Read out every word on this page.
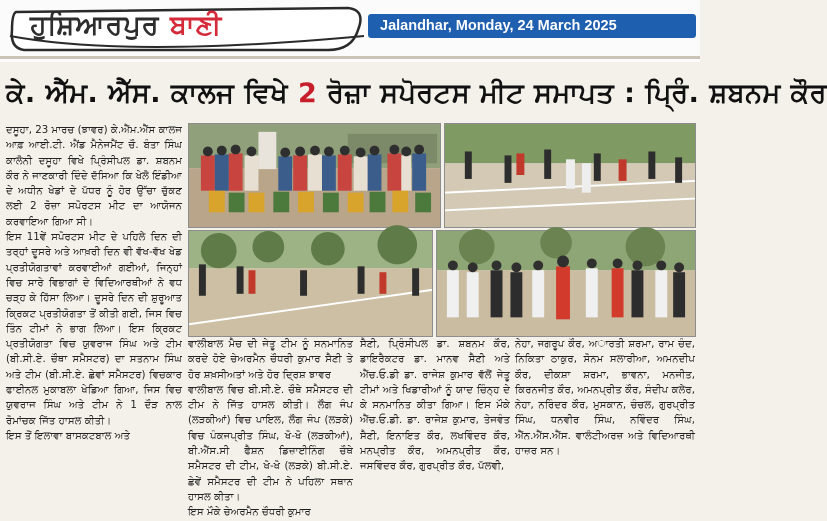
ਹੁਸ਼ਿਆਰਪੁਰ ਬਾਣੀ	Jalandhar, Monday, 24 March 2025
ਕੇ. ਐੱਮ. ਐੱਸ. ਕਾਲਜ ਵਿਖੇ 2 ਰੋਜ਼ਾ ਸਪੋਰਟਸ ਮੀਟ ਸਮਾਪਤ : ਪ੍ਰਿੰ. ਸ਼ਬਨਮ ਕੌਰ

ਦਸੂਹਾ, 23 ਮਾਰਚ (ਝਾਵਰ) ਕੇ.ਐੱਮ.ਐੱਸ ਕਾਲਜ ਆਫ਼ ਆਈ.ਟੀ. ਐਂਡ ਮੈਨੇਜਮੈਂਟ ਚੌ. ਬੰਤਾ ਸਿੰਘ ਕਾਲੋਨੀ ਦਸੂਹਾ ਵਿਖੇ ਪ੍ਰਿੰਸੀਪਲ ਡਾ. ਸ਼ਬਨਮ ਕੌਰ ਨੇ ਜਾਣਕਾਰੀ ਦਿੰਦੇ ਦੱਸਿਆ ਕਿ ਖੇਲੋ ਇੰਡੀਆ ਦੇ ਅਧੀਨ ਖੇਡਾਂ ਦੇ ਪੱਧਰ ਨੂੰ ਹੋਰ ਉੱਚਾ ਚੁੱਕਣ ਲਈ 2 ਰੋਜ਼ਾ ਸਪੋਰਟਸ ਮੀਟ ਦਾ ਆਯੋਜਨ ਕਰਵਾਇਆ ਗਿਆ ਸੀ।

ਇਸ 11ਵੇਂ ਸਪੋਰਟਸ ਮੀਟ ਦੇ ਪਹਿਲੇ ਦਿਨ ਦੀ ਤਰ੍ਹਾਂ ਦੂਸਰੇ ਅਤੇ ਆਖ਼ਰੀ ਦਿਨ ਵੀ ਵੱਖ-ਵੱਖ ਖੇਡ ਪ੍ਰਤੀਯੋਗਤਾਵਾਂ ਕਰਵਾਈਆਂ ਗਈਆਂ, ਜਿਨ੍ਹਾਂ ਵਿਚ ਸਾਰੇ ਵਿਭਾਗਾਂ ਦੇ ਵਿਦਿਆਰਥੀਆਂ ਨੇ ਵਧ ਚੜ੍ਹ ਕੇ ਹਿੱਸਾ ਲਿਆ। ਦੂਸਰੇ ਦਿਨ ਦੀ ਸ਼ੁਰੂਆਤ ਕ੍ਰਿਕਟ ਪ੍ਰਤੀਯੋਗਤਾ ਤੋਂ ਕੀਤੀ ਗਈ, ਜਿਸ ਵਿਚ ਤਿੰਨ ਟੀਮਾਂ ਨੇ ਭਾਗ ਲਿਆ। ਇਸ ਕ੍ਰਿਕਟ ਪ੍ਰਤੀਯੋਗਤਾ ਵਿਚ ਯੁਵਰਾਜ ਸਿੰਘ ਅਤੇ ਟੀਮ (ਬੀ.ਸੀ.ਏ. ਚੌਥਾ ਸਮੈਸਟਰ) ਦਾ ਸਤਨਾਮ ਸਿੰਘ ਅਤੇ ਟੀਮ (ਬੀ.ਸੀ.ਏ. ਛੇਵਾਂ ਸਮੈਸਟਰ) ਵਿਚਕਾਰ ਫਾਈਨਲ ਮੁਕਾਬਲਾ ਖੇਡਿਆ ਗਿਆ, ਜਿਸ ਵਿਚ ਯੁਵਰਾਜ ਸਿੰਘ ਅਤੇ ਟੀਮ ਨੇ 1 ਦੌੜ ਨਾਲ ਰੋਮਾਂਚਕ ਜਿੱਤ ਹਾਸਲ ਕੀਤੀ।

ਇਸ ਤੋਂ ਇਲਾਵਾ ਬਾਸਕਟਬਾਲ ਅਤੇ

ਵਾਲੀਬਾਲ ਮੈਚ ਦੀ ਜੇਤੂ ਟੀਮ ਨੂੰ ਸਨਮਾਨਿਤ ਕਰਦੇ ਹੋਏ ਚੇਅਰਮੈਨ ਚੌਧਰੀ ਕੁਮਾਰ ਸੈਣੀ ਤੇ ਹੋਰ ਸ਼ਖ਼ਸੀਅਤਾਂ ਅਤੇ ਹੋਰ ਦ੍ਰਿਸ਼ ਝਾਵਰ

ਵਾਲੀਬਾਲ ਵਿਚ ਬੀ.ਸੀ.ਏ. ਚੌਥੇ ਸਮੈਸਟਰ ਦੀ ਟੀਮ ਨੇ ਜਿੱਤ ਹਾਸਲ ਕੀਤੀ। ਲੌਗ ਜੰਪ (ਲੜਕੀਆਂ) ਵਿਚ ਪਾਇਲ, ਲੌਗ ਜੰਪ (ਲੜਕੇ) ਵਿਚ ਪੰਕਜਪ੍ਰੀਤ ਸਿੰਘ, ਖੋ-ਖੋ (ਲੜਕੀਆਂ), ਬੀ.ਐੱਸ.ਸੀ ਫੈਸ਼ਨ ਡਿਜ਼ਾਈਨਿੰਗ ਚੌਥੇ ਸਮੈਸਟਰ ਦੀ ਟੀਮ, ਖੋ-ਖੋ (ਲੜਕੇ) ਬੀ.ਸੀ.ਏ. ਛੇਵੇਂ ਸਮੈਸਟਰ ਦੀ ਟੀਮ ਨੇ ਪਹਿਲਾ ਸਥਾਨ ਹਾਸਲ ਕੀਤਾ।

ਇਸ ਮੌਕੇ ਚੇਅਰਮੈਨ ਚੌਧਰੀ ਕੁਮਾਰ

ਸੈਣੀ, ਪ੍ਰਿੰਸੀਪਲ ਡਾ. ਸ਼ਬਨਮ ਕੌਰ, ਡਾਇਰੈਕਟਰ ਡਾ. ਮਾਨਵ ਸੈਣੀ ਅਤੇ ਐੱਚ.ਓ.ਡੀ ਡਾ. ਰਾਜੇਸ਼ ਕੁਮਾਰ ਵੱਲੋਂ ਜੇਤੂ ਟੀਮਾਂ ਅਤੇ ਖਿਡਾਰੀਆਂ ਨੂੰ ਯਾਦ ਚਿੰਨ੍ਹ ਦੇ ਕੇ ਸਨਮਾਨਿਤ ਕੀਤਾ ਗਿਆ। ਇਸ ਮੌਕੇ ਐੱਚ.ਓ.ਡੀ. ਡਾ. ਰਾਜੇਸ਼ ਕੁਮਾਰ, ਤੇਜਵੰਤ ਸੈਣੀ, ਇਨਾਇਤ ਕੌਰ, ਲਖਵਿੰਦਰ ਕੌਰ, ਮਨਪ੍ਰੀਤ ਕੌਰ, ਅਮਨਪ੍ਰੀਤ ਕੌਰ, ਜਸਵਿੰਦਰ ਕੌਰ, ਗੁਰਪ੍ਰੀਤ ਕੌਰ, ਪੱਲਵੀ,

ਨੇਹਾ, ਜਗਰੂਪ ਕੌਰ, ਅਾਰਤੀ ਸ਼ਰਮਾ, ਰਾਮ ਚੰਦ, ਨਿਕਿਤਾ ਠਾਕੁਰ, ਸੋਨਮ ਸਲਾਰੀਆ, ਅਮਨਦੀਪ ਕੌਰ, ਦੀਕਸ਼ਾ ਸ਼ਰਮਾ, ਭਾਵਨਾ, ਮਨਜੀਤ, ਕਿਰਨਜੀਤ ਕੌਰ, ਅਮਨਪ੍ਰੀਤ ਕੌਰ, ਸੰਦੀਪ ਕਲੇਰ, ਨੇਹਾ, ਨਰਿੰਦਰ ਕੌਰ, ਮੁਸਕਾਨ, ਚੰਚਲ, ਗੁਰਪ੍ਰੀਤ ਸਿੰਘ, ਧਨਵੀਰ ਸਿੰਘ, ਨਵਿੰਦਰ ਸਿੰਘ, ਐੱਨ.ਐੱਸ.ਐੱਸ. ਵਾਲੰਟੀਅਰਜ਼ ਅਤੇ ਵਿਦਿਆਰਥੀ ਹਾਜ਼ਰ ਸਨ।
